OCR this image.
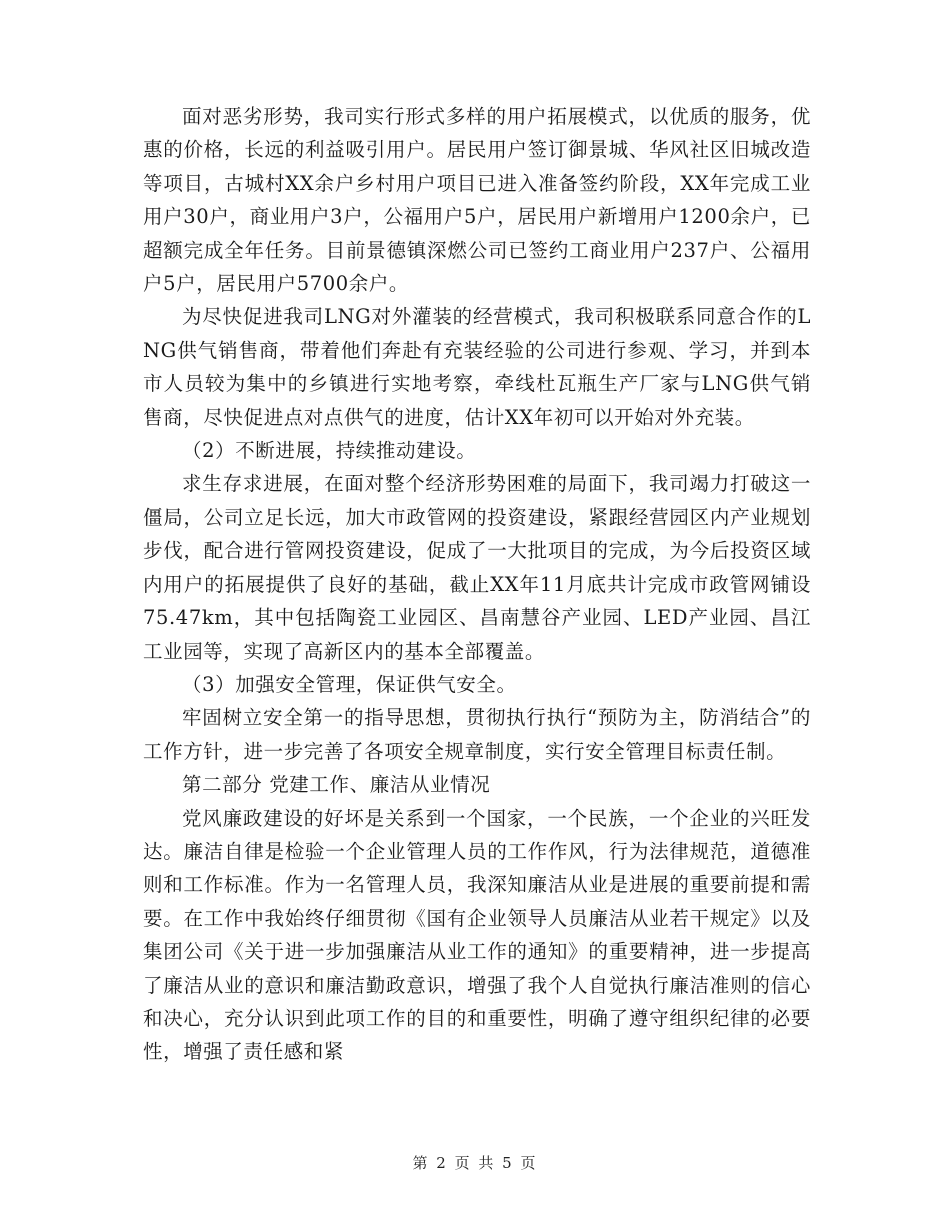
面对恶劣形势，我司实行形式多样的用户拓展模式，以优质的服务，优惠的价格，长远的利益吸引用户。居民用户签订御景城、华风社区旧城改造等项目，古城村XX余户乡村用户项目已进入准备签约阶段，XX年完成工业用户30户，商业用户3户，公福用户5户，居民用户新增用户1200余户，已超额完成全年任务。目前景德镇深燃公司已签约工商业用户237户、公福用户5户，居民用户5700余户。

为尽快促进我司LNG对外灌装的经营模式，我司积极联系同意合作的LNG供气销售商，带着他们奔赴有充装经验的公司进行参观、学习，并到本市人员较为集中的乡镇进行实地考察，牵线杜瓦瓶生产厂家与LNG供气销售商，尽快促进点对点供气的进度，估计XX年初可以开始对外充装。

（2）不断进展，持续推动建设。

求生存求进展，在面对整个经济形势困难的局面下，我司竭力打破这一僵局，公司立足长远，加大市政管网的投资建设，紧跟经营园区内产业规划步伐，配合进行管网投资建设，促成了一大批项目的完成，为今后投资区域内用户的拓展提供了良好的基础，截止XX年11月底共计完成市政管网铺设75.47km，其中包括陶瓷工业园区、昌南慧谷产业园、LED产业园、昌江工业园等，实现了高新区内的基本全部覆盖。

（3）加强安全管理，保证供气安全。

牢固树立安全第一的指导思想，贯彻执行执行“预防为主，防消结合”的工作方针，进一步完善了各项安全规章制度，实行安全管理目标责任制。

第二部分 党建工作、廉洁从业情况

党风廉政建设的好坏是关系到一个国家，一个民族，一个企业的兴旺发达。廉洁自律是检验一个企业管理人员的工作作风，行为法律规范，道德准则和工作标准。作为一名管理人员，我深知廉洁从业是进展的重要前提和需要。在工作中我始终仔细贯彻《国有企业领导人员廉洁从业若干规定》以及集团公司《关于进一步加强廉洁从业工作的通知》的重要精神，进一步提高了廉洁从业的意识和廉洁勤政意识，增强了我个人自觉执行廉洁准则的信心和决心，充分认识到此项工作的目的和重要性，明确了遵守组织纪律的必要性，增强了责任感和紧

第 2 页 共 5 页
